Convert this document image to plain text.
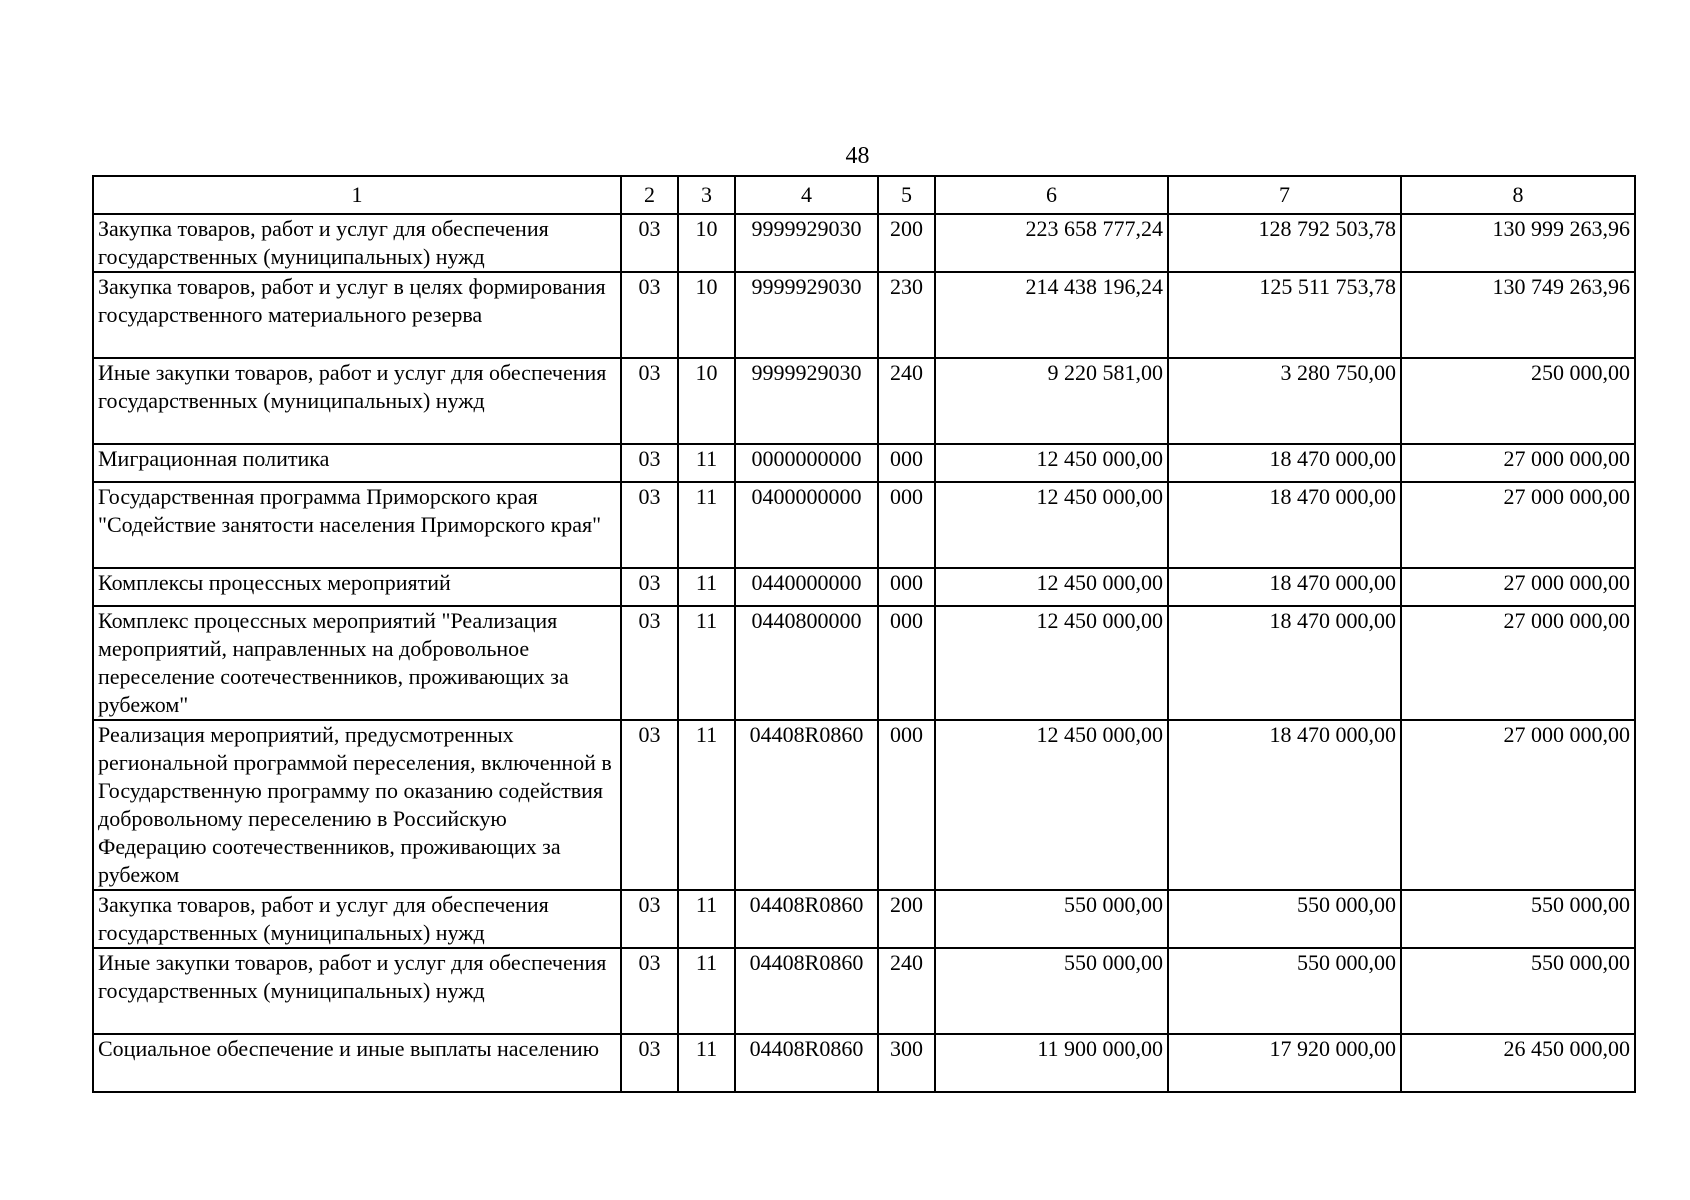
48
1	2	3	4	5	6	7	8
Закупка товаров, работ и услуг для обеспечения государственных (муниципальных) нужд	03	10	9999929030	200	223 658 777,24	128 792 503,78	130 999 263,96
Закупка товаров, работ и услуг в целях формирования государственного материального резерва	03	10	9999929030	230	214 438 196,24	125 511 753,78	130 749 263,96
Иные закупки товаров, работ и услуг для обеспечения государственных (муниципальных) нужд	03	10	9999929030	240	9 220 581,00	3 280 750,00	250 000,00
Миграционная политика	03	11	0000000000	000	12 450 000,00	18 470 000,00	27 000 000,00
Государственная программа Приморского края "Содействие занятости населения Приморского края"	03	11	0400000000	000	12 450 000,00	18 470 000,00	27 000 000,00
Комплексы процессных мероприятий	03	11	0440000000	000	12 450 000,00	18 470 000,00	27 000 000,00
Комплекс процессных мероприятий "Реализация мероприятий, направленных на добровольное переселение соотечественников, проживающих за рубежом"	03	11	0440800000	000	12 450 000,00	18 470 000,00	27 000 000,00
Реализация мероприятий, предусмотренных региональной программой переселения, включенной в Государственную программу по оказанию содействия добровольному переселению в Российскую Федерацию соотечественников, проживающих за рубежом	03	11	04408R0860	000	12 450 000,00	18 470 000,00	27 000 000,00
Закупка товаров, работ и услуг для обеспечения государственных (муниципальных) нужд	03	11	04408R0860	200	550 000,00	550 000,00	550 000,00
Иные закупки товаров, работ и услуг для обеспечения государственных (муниципальных) нужд	03	11	04408R0860	240	550 000,00	550 000,00	550 000,00
Социальное обеспечение и иные выплаты населению	03	11	04408R0860	300	11 900 000,00	17 920 000,00	26 450 000,00
